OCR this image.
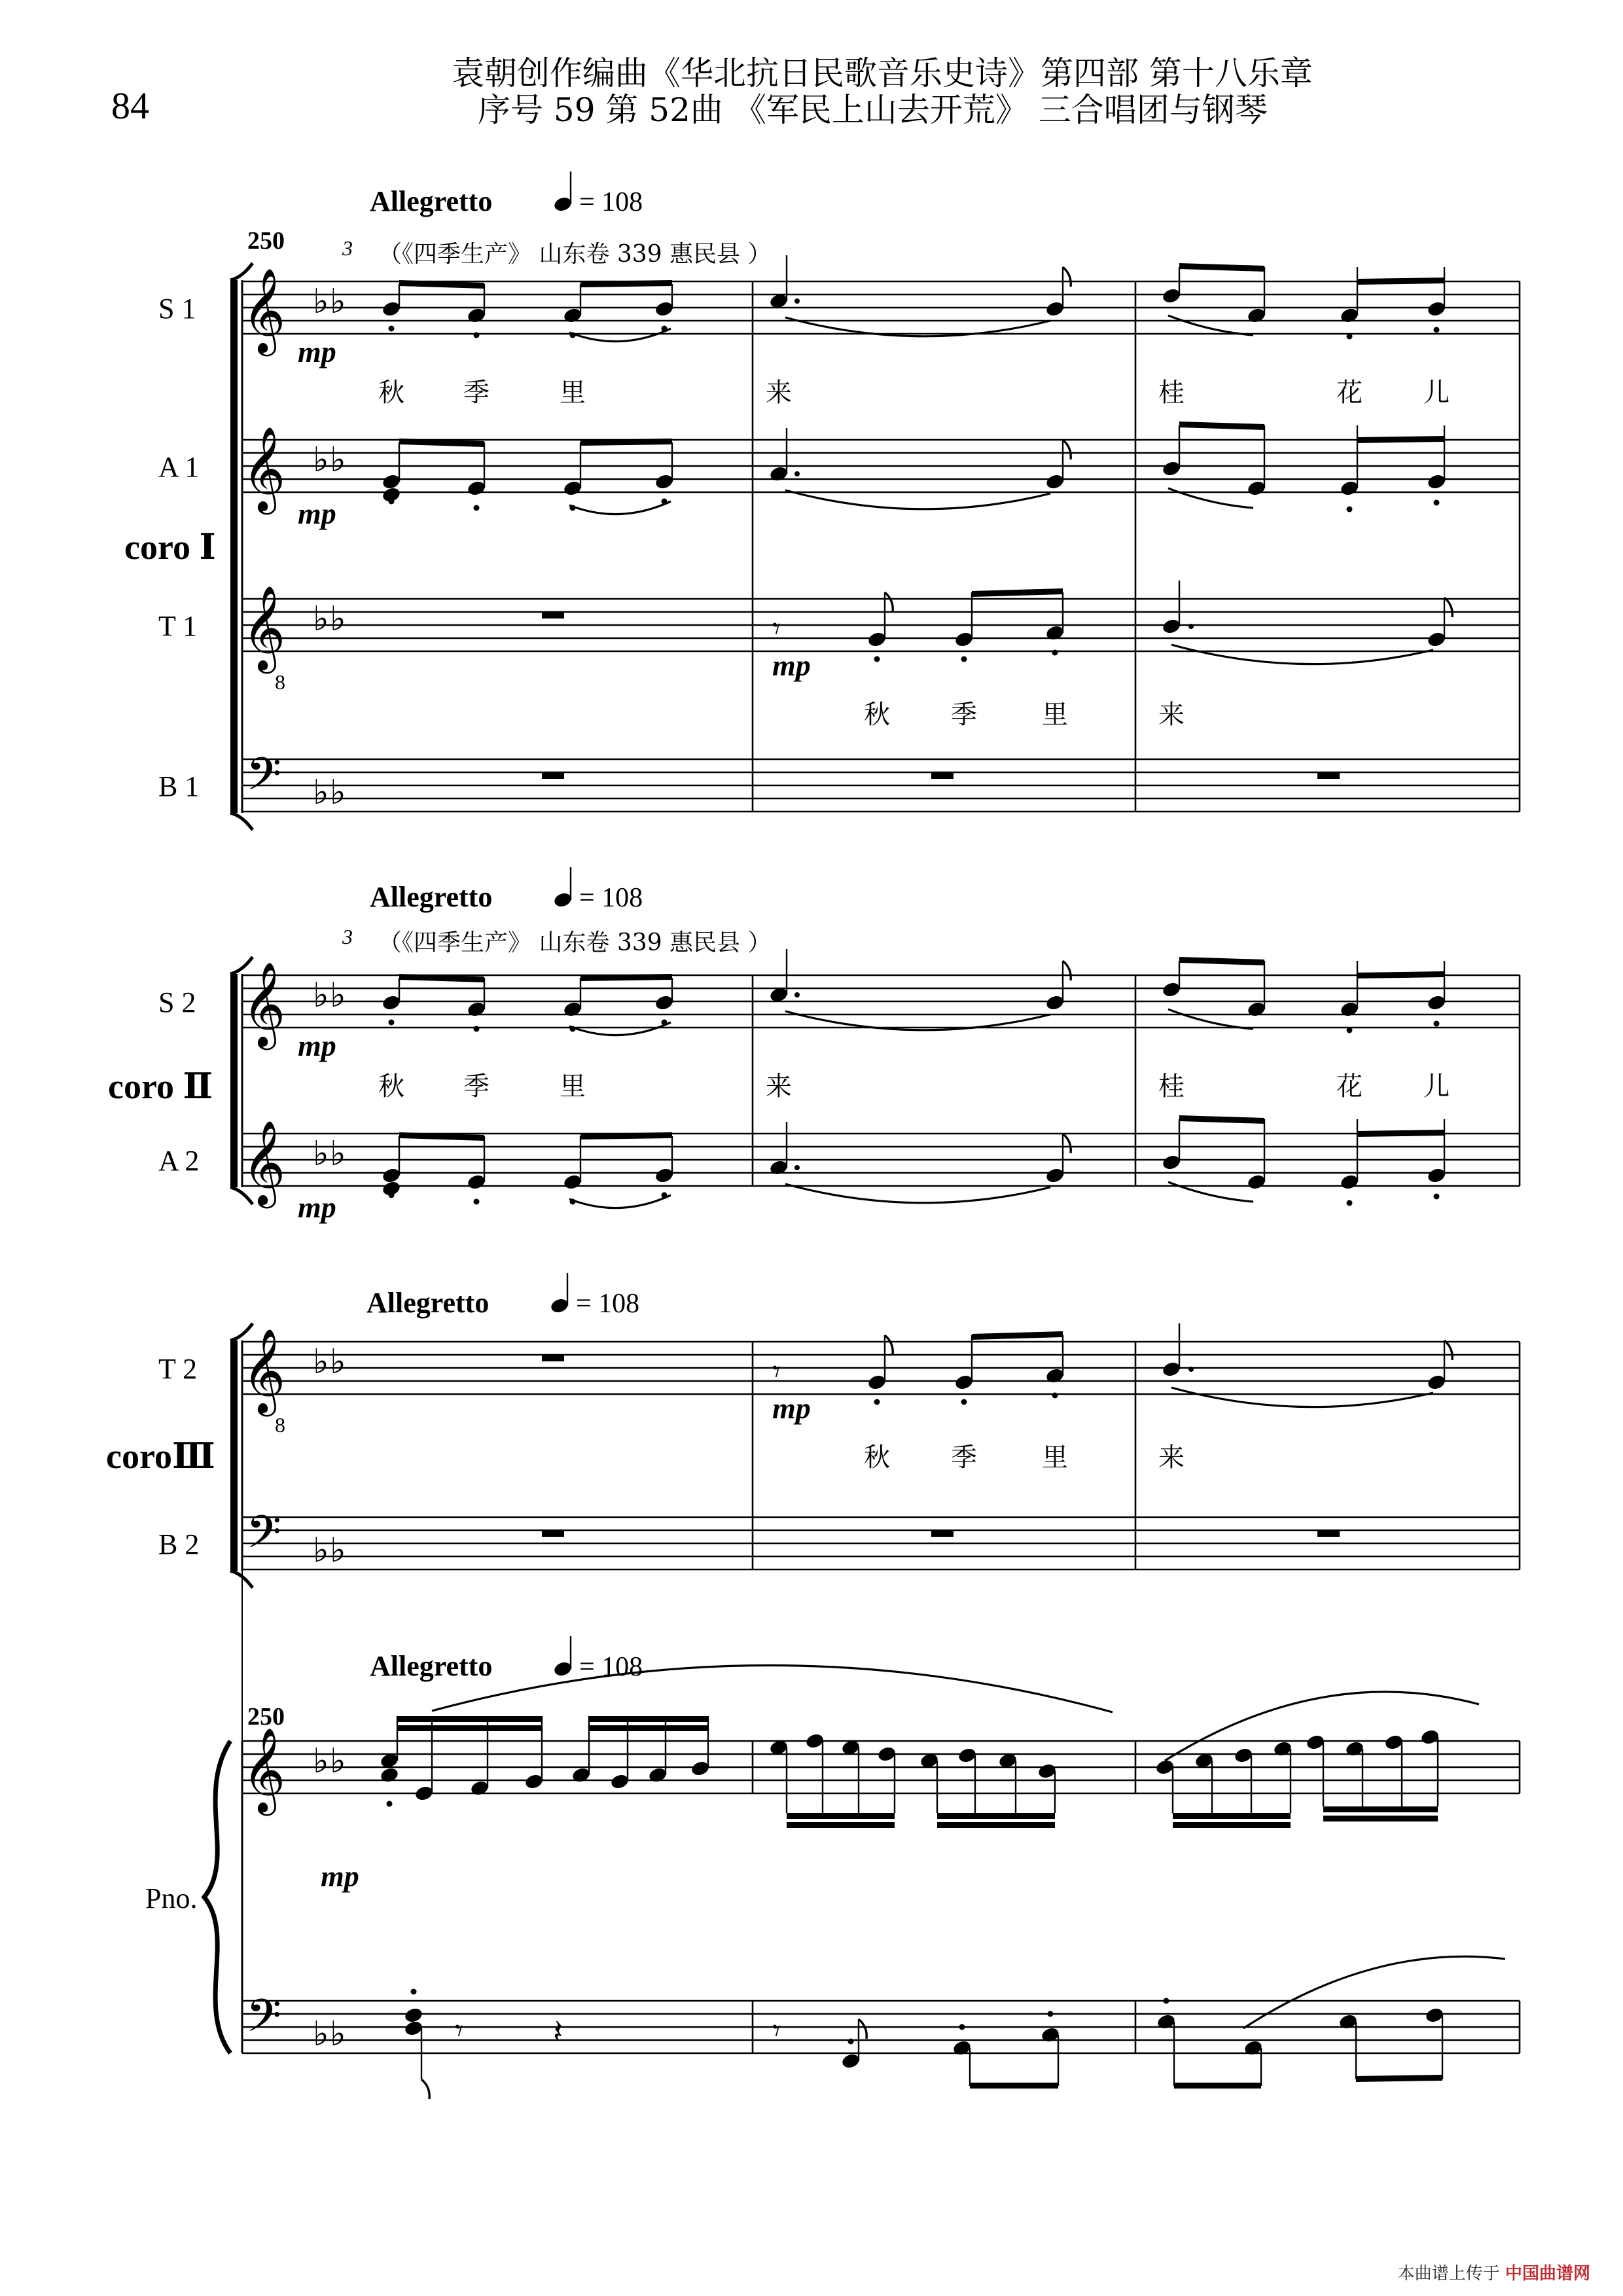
84
袁朝创作编曲《华北抗日民歌音乐史诗》第四部 第十八乐章
序号 59 第 52曲 《军民上山去开荒》 三合唱团与钢琴
Allegretto	= 108
250	（《四季生产》 山东卷 339 惠民县 ）
3
𝄞 ♭ ♭
𝄞 ♭ ♭
𝄞 ♭ ♭
𝄢 ♭ ♭
𝄾
8
mp
mp
mp
秋 季	里	来	桂	花 儿
秋 季 里	来
S 1
A 1
T 1
B 1
coro Ⅰ
Allegretto	= 108
（《四季生产》 山东卷 339 惠民县 ）
3
𝄞 ♭ ♭
𝄞 ♭ ♭
mp
mp
秋 季	里	来	桂	花 儿
S 2
A 2
coro Ⅱ
Allegretto	= 108
𝄞 ♭ ♭
𝄢 ♭ ♭
𝄾
8	mp
秋 季 里	来
T 2
B 2
coroⅢ
Allegretto	= 108
250
𝄞 ♭ ♭
𝄢 ♭ ♭
Pno.
mp
𝄾	𝄽	𝄾
本曲谱上传于 中国曲谱网
